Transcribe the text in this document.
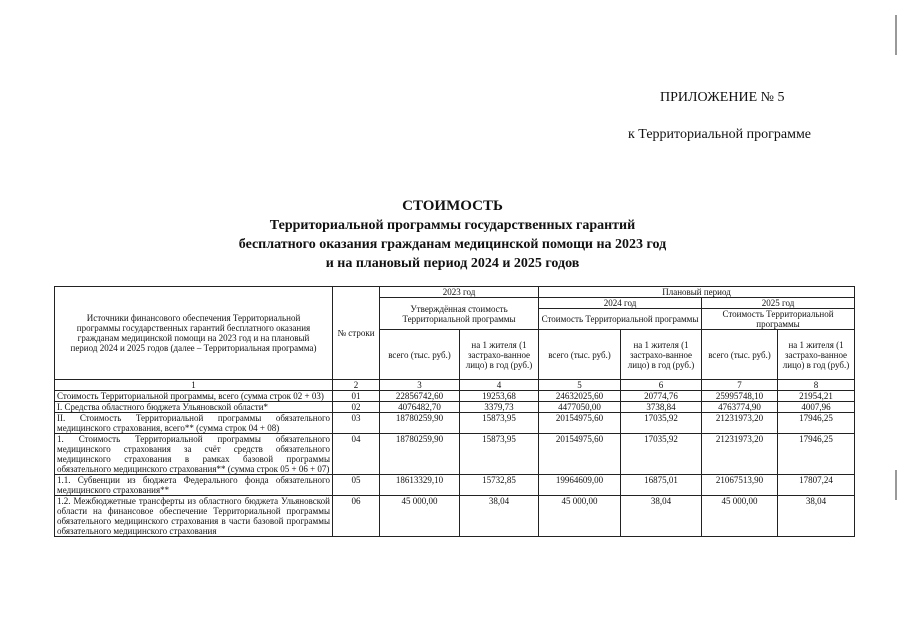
ПРИЛОЖЕНИЕ № 5
к Территориальной программе
СТОИМОСТЬ
Территориальной программы государственных гарантий
бесплатного оказания гражданам медицинской помощи на 2023 год
и на плановый период 2024 и 2025 годов
Источники финансового обеспечения Территориальной программы государственных гарантий бесплатного оказания гражданам медицинской помощи на 2023 год и на плановый период 2024 и 2025 годов (далее – Территориальная программа)	№ строки	2023 год		Плановый период			
		Утверждённая стоимость Территориальной программы		2024 год		2025 год	
				Стоимость Территориальной программы		Стоимость Территориальной программы	
		всего (тыс. руб.)	на 1 жителя (1 застрахо-ванное лицо) в год (руб.)	всего (тыс. руб.)	на 1 жителя (1 застрахо-ванное лицо) в год (руб.)	всего (тыс. руб.)	на 1 жителя (1 застрахо-ванное лицо) в год (руб.)
1	2	3	4	5	6	7	8
Стоимость Территориальной программы, всего (сумма строк 02 + 03)	01	22856742,60	19253,68	24632025,60	20774,76	25995748,10	21954,21
I. Средства областного бюджета Ульяновской области*	02	4076482,70	3379,73	4477050,00	3738,84	4763774,90	4007,96
II. Стоимость Территориальной программы обязательного медицинского страхования, всего** (сумма строк 04 + 08)	03	18780259,90	15873,95	20154975,60	17035,92	21231973,20	17946,25
1. Стоимость Территориальной программы обязательного медицинского страхования за счёт средств обязательного медицинского страхования в рамках базовой программы обязательного медицинского страхования** (сумма строк 05 + 06 + 07)	04	18780259,90	15873,95	20154975,60	17035,92	21231973,20	17946,25
1.1. Субвенции из бюджета Федерального фонда обязательного медицинского страхования**	05	18613329,10	15732,85	19964609,00	16875,01	21067513,90	17807,24
1.2. Межбюджетные трансферты из областного бюджета Ульяновской области на финансовое обеспечение Территориальной программы обязательного медицинского страхования в части базовой программы обязательного медицинского страхования	06	45 000,00	38,04	45 000,00	38,04	45 000,00	38,04
